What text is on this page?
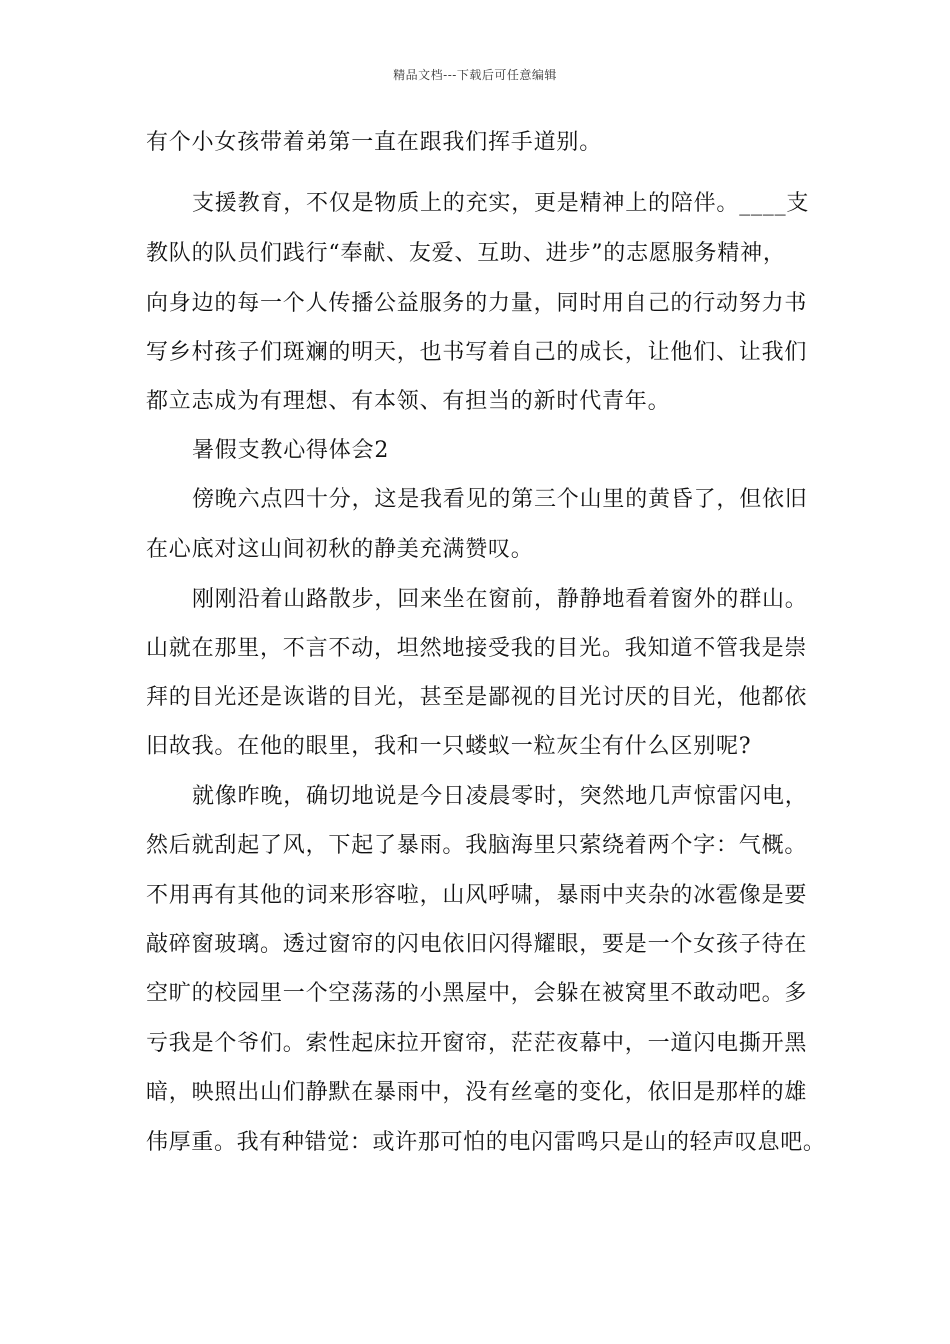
精品文档---下载后可任意编辑
有个小女孩带着弟第一直在跟我们挥手道别。
支援教育，不仅是物质上的充实，更是精神上的陪伴。____支
教队的队员们践行“奉献、友爱、互助、进步”的志愿服务精神，
向身边的每一个人传播公益服务的力量，同时用自己的行动努力书
写乡村孩子们斑斓的明天，也书写着自己的成长，让他们、让我们
都立志成为有理想、有本领、有担当的新时代青年。
暑假支教心得体会2
傍晚六点四十分，这是我看见的第三个山里的黄昏了，但依旧
在心底对这山间初秋的静美充满赞叹。
刚刚沿着山路散步，回来坐在窗前，静静地看着窗外的群山。
山就在那里，不言不动，坦然地接受我的目光。我知道不管我是崇
拜的目光还是诙谐的目光，甚至是鄙视的目光讨厌的目光，他都依
旧故我。在他的眼里，我和一只蝼蚁一粒灰尘有什么区别呢?
就像昨晚，确切地说是今日凌晨零时，突然地几声惊雷闪电，
然后就刮起了风，下起了暴雨。我脑海里只萦绕着两个字：气概。
不用再有其他的词来形容啦，山风呼啸，暴雨中夹杂的冰雹像是要
敲碎窗玻璃。透过窗帘的闪电依旧闪得耀眼，要是一个女孩子待在
空旷的校园里一个空荡荡的小黑屋中，会躲在被窝里不敢动吧。多
亏我是个爷们。索性起床拉开窗帘，茫茫夜幕中，一道闪电撕开黑
暗，映照出山们静默在暴雨中，没有丝毫的变化，依旧是那样的雄
伟厚重。我有种错觉：或许那可怕的电闪雷鸣只是山的轻声叹息吧。
